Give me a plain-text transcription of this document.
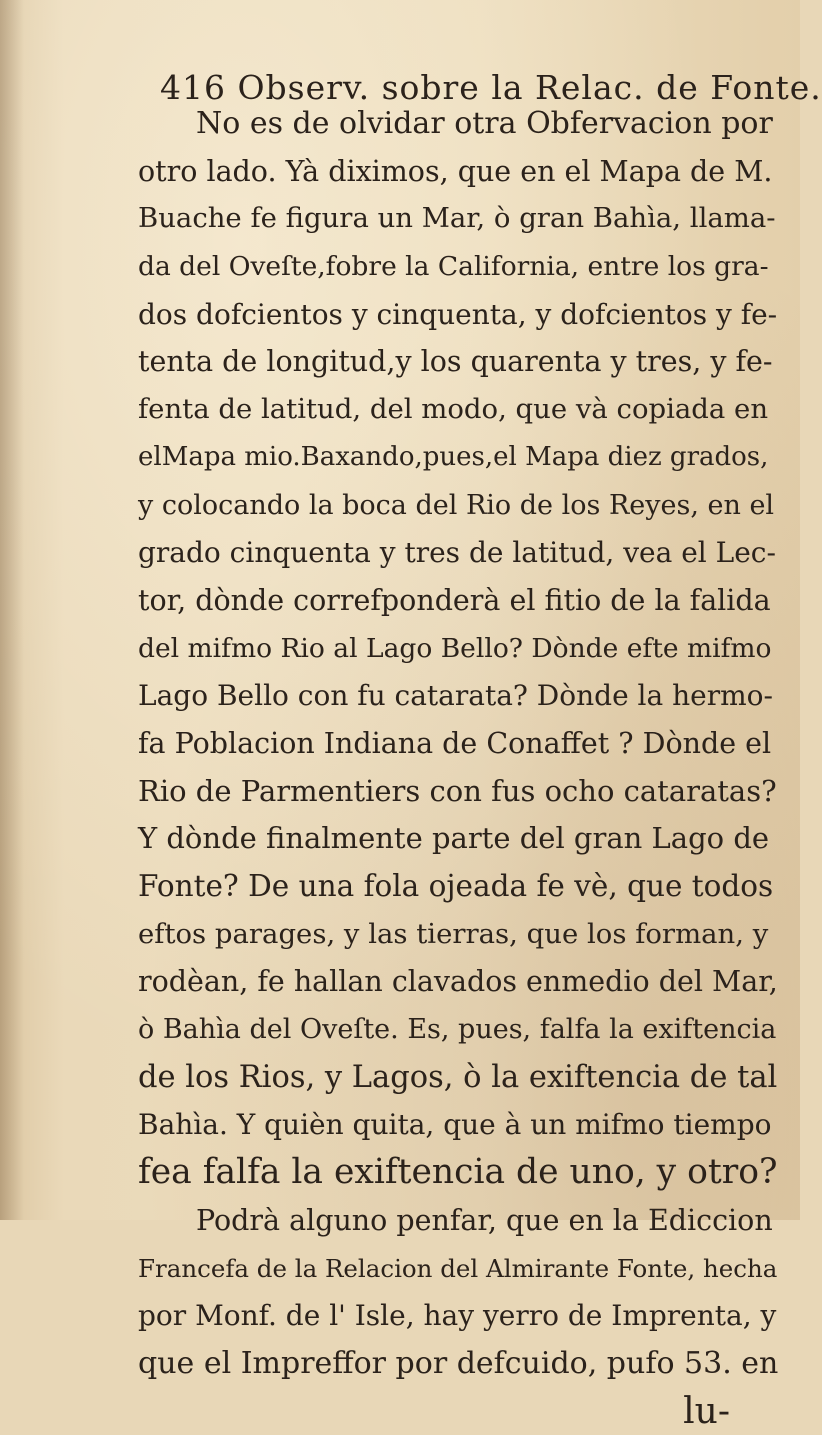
416 Observ. sobre la Relac. de Fonte.
No es de olvidar otra Obfervacion por
otro lado. Yà diximos, que en el Mapa de M.
Buache fe figura un Mar, ò gran Bahìa, llama-
da del Oveſte,fobre la California, entre los gra-
dos dofcientos y cinquenta, y dofcientos y fe-
tenta de longitud,y los quarenta y tres, y fe-
fenta de latitud, del modo, que và copiada en
elMapa mio.Baxando,pues,el Mapa diez grados,
y colocando la boca del Rio de los Reyes, en el
grado cinquenta y tres de latitud, vea el Lec-
tor, dònde correfponderà el fitio de la falida
del mifmo Rio al Lago Bello? Dònde efte mifmo
Lago Bello con fu catarata? Dònde la hermo-
fa Poblacion Indiana de Conaffet ? Dònde el
Rio de Parmentiers con fus ocho cataratas?
Y dònde finalmente parte del gran Lago de
Fonte? De una fola ojeada fe vè, que todos
eftos parages, y las tierras, que los forman, y
rodèan, fe hallan clavados enmedio del Mar,
ò Bahìa del Oveſte. Es, pues, falfa la exiftencia
de los Rios, y Lagos, ò la exiftencia de tal
Bahìa. Y quièn quita, que à un mifmo tiempo
fea falfa la exiftencia de uno, y otro?
Podrà alguno penfar, que en la Ediccion
Francefa de la Relacion del Almirante Fonte, hecha
por Monf. de l' Isle, hay yerro de Imprenta, y
que el Impreffor por defcuido, pufo 53. en
lu-
